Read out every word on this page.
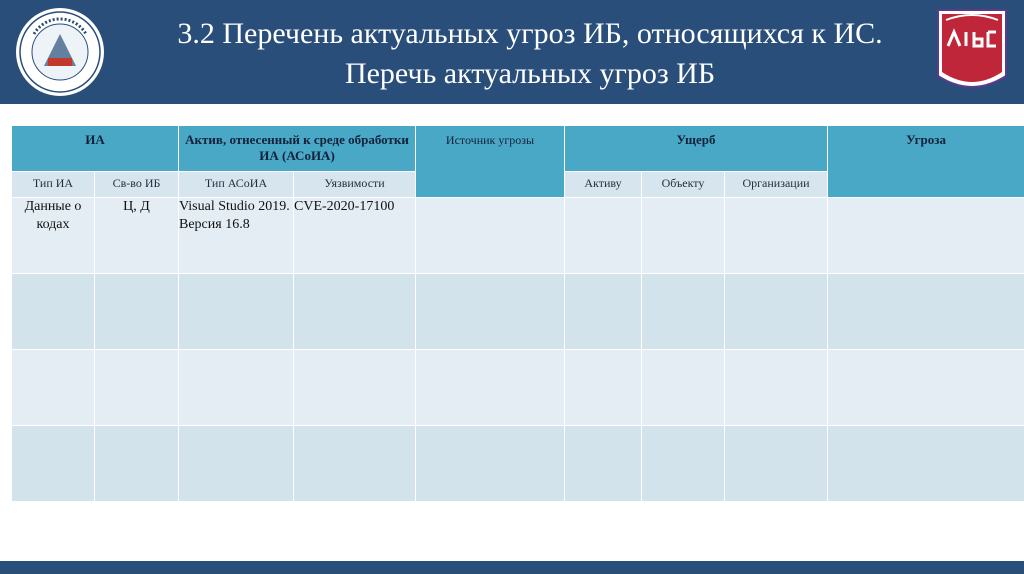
3.2 Перечень актуальных угроз ИБ, относящихся к ИС.
Перечь актуальных угроз ИБ
ИА		Актив, отнесенный к среде обработки ИА (АСоИА)		Источник угрозы	Ущерб			Угроза
Тип ИА	Св-во ИБ	Тип АСоИА	Уязвимости		Активу	Объекту	Организации	
Данные о кодах	Ц, Д	Visual Studio 2019. Версия 16.8	CVE-2020-17100					
